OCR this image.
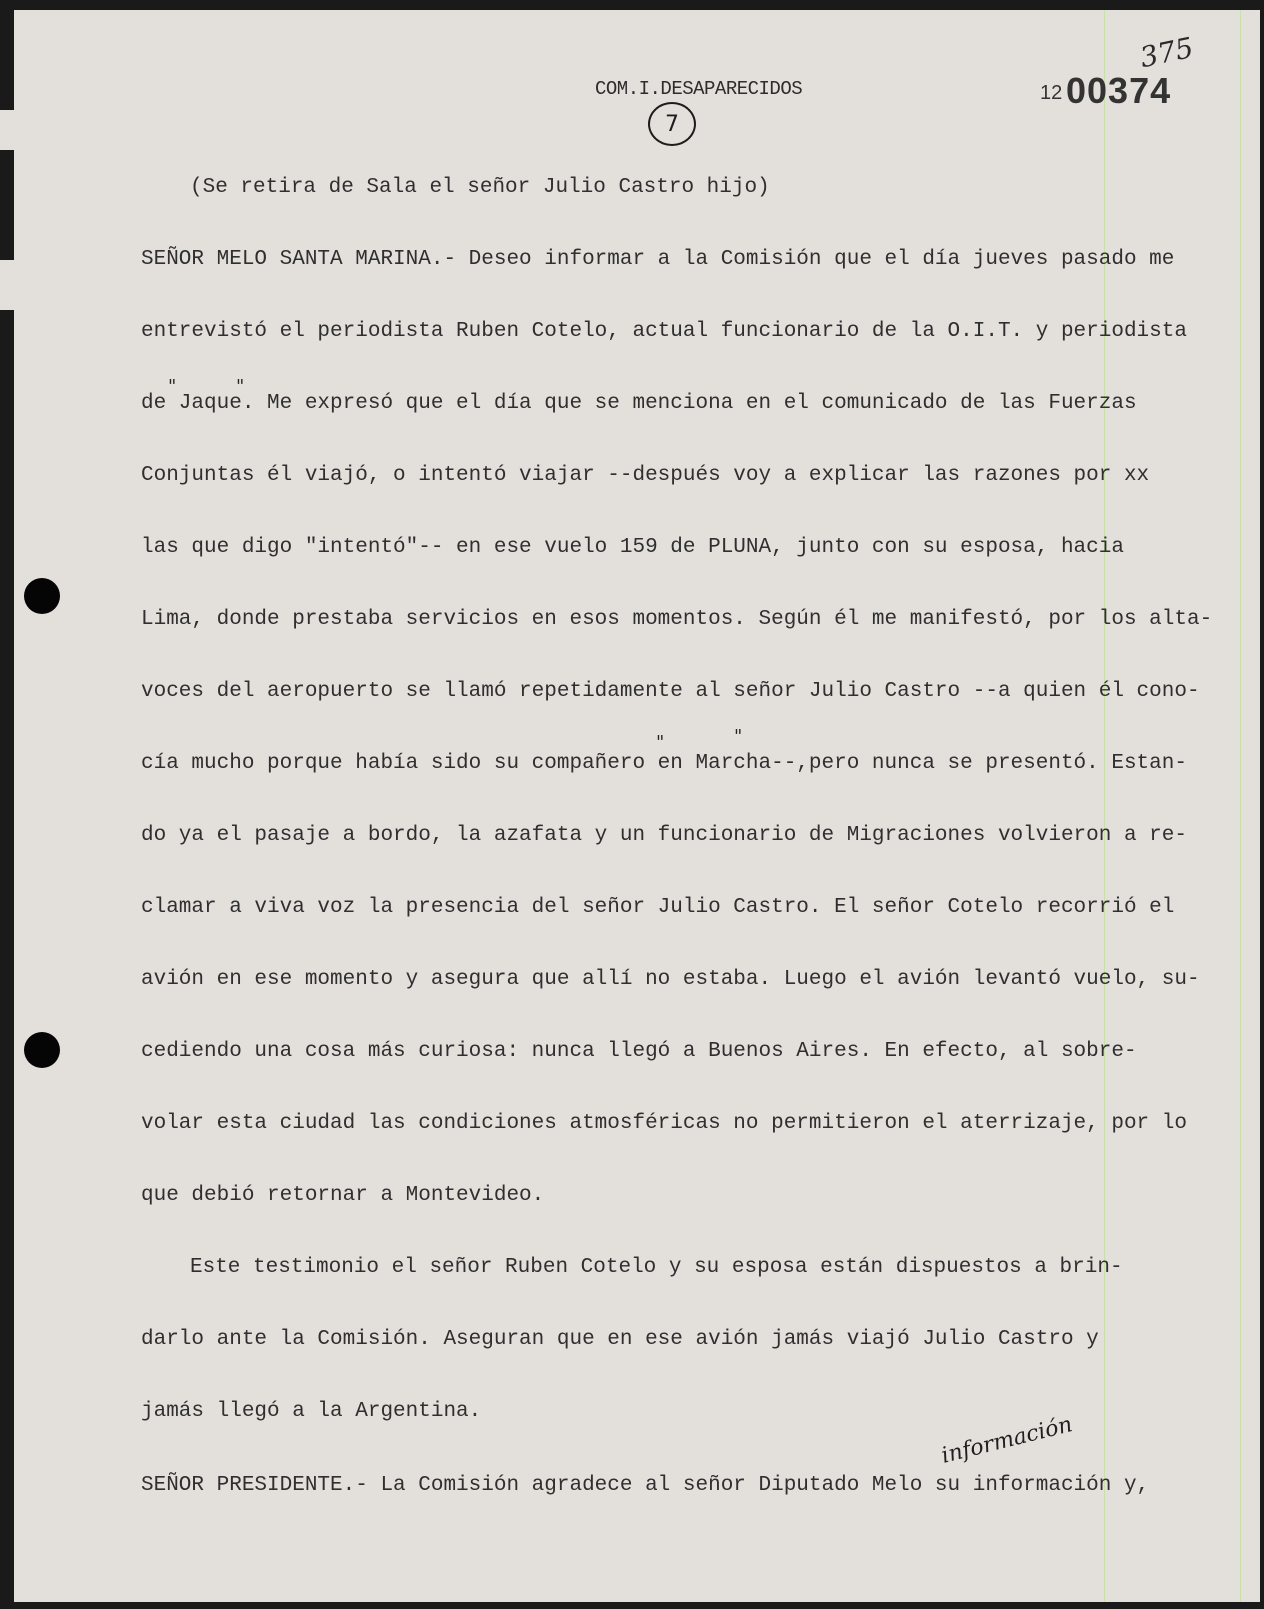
COM.I.DESAPARECIDOS
7
12 00374
375
(Se retira de Sala el señor Julio Castro hijo)
SEÑOR MELO SANTA MARINA.- Deseo informar a la Comisión que el día jueves pasado me
entrevistó el periodista Ruben Cotelo, actual funcionario de la O.I.T. y periodista
"	"
de Jaque. Me expresó que el día que se menciona en el comunicado de las Fuerzas
Conjuntas él viajó, o intentó viajar --después voy a explicar las razones por xx
las que digo "intentó"-- en ese vuelo 159 de PLUNA, junto con su esposa, hacia
Lima, donde prestaba servicios en esos momentos. Según él me manifestó, por los alta-
voces del aeropuerto se llamó repetidamente al señor Julio Castro --a quien él cono-
"	"
cía mucho porque había sido su compañero en Marcha--,pero nunca se presentó. Estan-
do ya el pasaje a bordo, la azafata y un funcionario de Migraciones volvieron a re-
clamar a viva voz la presencia del señor Julio Castro. El señor Cotelo recorrió el
avión en ese momento y asegura que allí no estaba. Luego el avión levantó vuelo, su-
cediendo una cosa más curiosa: nunca llegó a Buenos Aires. En efecto, al sobre-
volar esta ciudad las condiciones atmosféricas no permitieron el aterrizaje, por lo
que debió retornar a Montevideo.
Este testimonio el señor Ruben Cotelo y su esposa están dispuestos a brin-
darlo ante la Comisión. Aseguran que en ese avión jamás viajó Julio Castro y
jamás llegó a la Argentina.
SEÑOR PRESIDENTE.- La Comisión agradece al señor Diputado Melo su información y,
información
